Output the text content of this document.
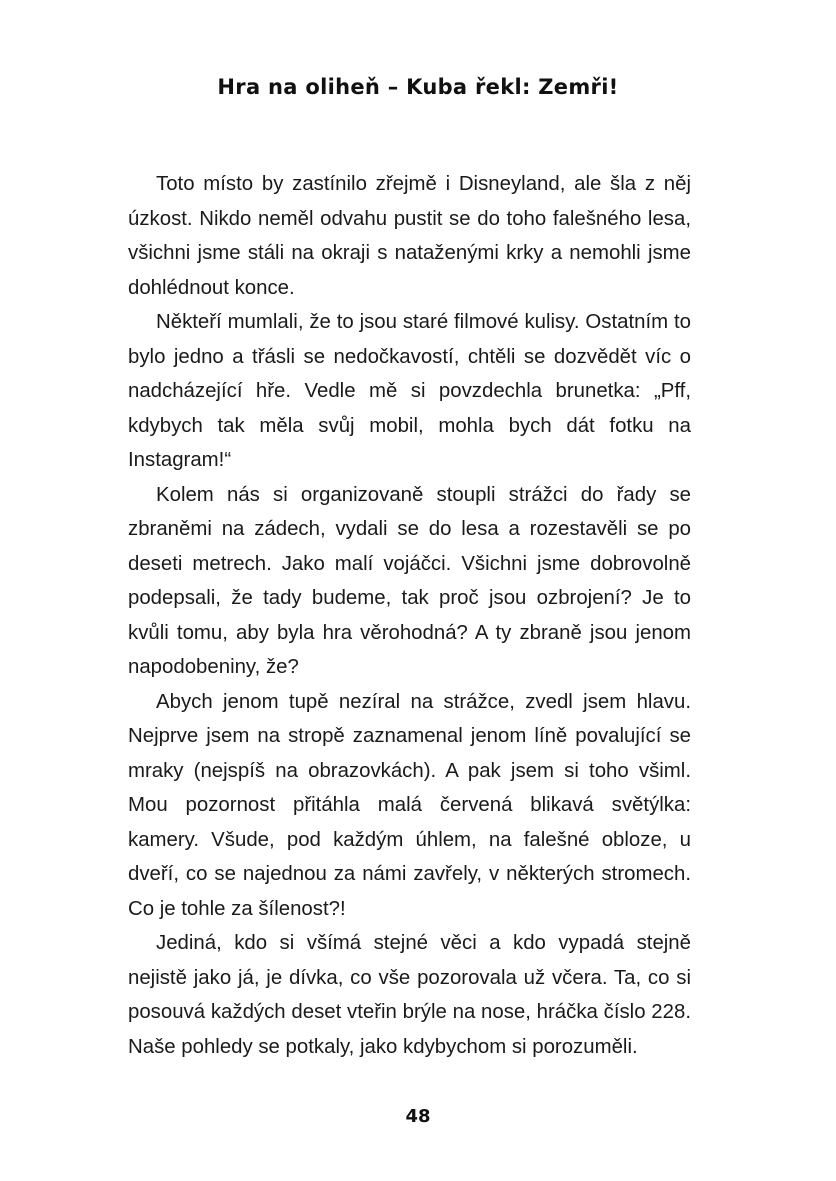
Hra na oliheň – Kuba řekl: Zemři!

Toto místo by zastínilo zřejmě i Disneyland, ale šla z něj úzkost. Nikdo neměl odvahu pustit se do toho falešného lesa, všichni jsme stáli na okraji s nataženými krky a nemohli jsme dohlédnout konce.

Někteří mumlali, že to jsou staré filmové kulisy. Ostatním to bylo jedno a třásli se nedočkavostí, chtěli se dozvědět víc o nadcházející hře. Vedle mě si povzdechla brunetka: „Pff, kdybych tak měla svůj mobil, mohla bych dát fotku na Instagram!“

Kolem nás si organizovaně stoupli strážci do řady se zbraněmi na zádech, vydali se do lesa a rozestavěli se po deseti metrech. Jako malí vojáčci. Všichni jsme dobrovolně podepsali, že tady budeme, tak proč jsou ozbrojení? Je to kvůli tomu, aby byla hra věrohodná? A ty zbraně jsou jenom napodobeniny, že?

Abych jenom tupě nezíral na strážce, zvedl jsem hlavu. Nejprve jsem na stropě zaznamenal jenom líně povalující se mraky (nejspíš na obrazovkách). A pak jsem si toho všiml. Mou pozornost přitáhla malá červená blikavá světýlka: kamery. Všude, pod každým úhlem, na falešné obloze, u dveří, co se najednou za námi zavřely, v některých stromech. Co je tohle za šílenost?!

Jediná, kdo si všímá stejné věci a kdo vypadá stejně nejistě jako já, je dívka, co vše pozorovala už včera. Ta, co si posouvá každých deset vteřin brýle na nose, hráčka číslo 228. Naše pohledy se potkaly, jako kdybychom si porozuměli.

48
